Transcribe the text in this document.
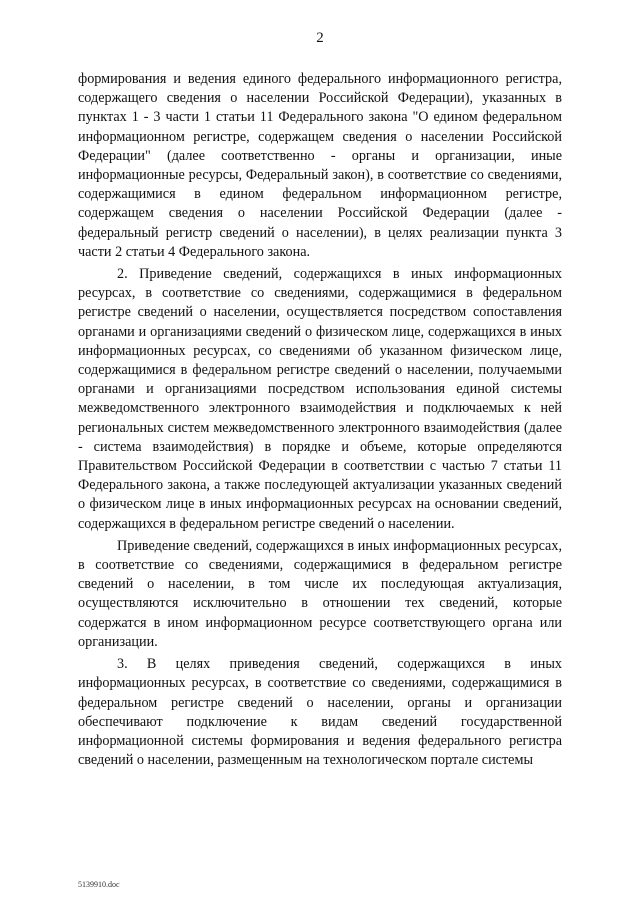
2

формирования и ведения единого федерального информационного регистра, содержащего сведения о населении Российской Федерации), указанных в пунктах 1 - 3 части 1 статьи 11 Федерального закона "О едином федеральном информационном регистре, содержащем сведения о населении Российской Федерации" (далее соответственно - органы и организации, иные информационные ресурсы, Федеральный закон), в соответствие со сведениями, содержащимися в едином федеральном информационном регистре, содержащем сведения о населении Российской Федерации (далее - федеральный регистр сведений о населении), в целях реализации пункта 3 части 2 статьи 4 Федерального закона.

2. Приведение сведений, содержащихся в иных информационных ресурсах, в соответствие со сведениями, содержащимися в федеральном регистре сведений о населении, осуществляется посредством сопоставления органами и организациями сведений о физическом лице, содержащихся в иных информационных ресурсах, со сведениями об указанном физическом лице, содержащимися в федеральном регистре сведений о населении, получаемыми органами и организациями посредством использования единой системы межведомственного электронного взаимодействия и подключаемых к ней региональных систем межведомственного электронного взаимодействия (далее - система взаимодействия) в порядке и объеме, которые определяются Правительством Российской Федерации в соответствии с частью 7 статьи 11 Федерального закона, а также последующей актуализации указанных сведений о физическом лице в иных информационных ресурсах на основании сведений, содержащихся в федеральном регистре сведений о населении.

Приведение сведений, содержащихся в иных информационных ресурсах, в соответствие со сведениями, содержащимися в федеральном регистре сведений о населении, в том числе их последующая актуализация, осуществляются исключительно в отношении тех сведений, которые содержатся в ином информационном ресурсе соответствующего органа или организации.

3. В целях приведения сведений, содержащихся в иных информационных ресурсах, в соответствие со сведениями, содержащимися в федеральном регистре сведений о населении, органы и организации обеспечивают подключение к видам сведений государственной информационной системы формирования и ведения федерального регистра сведений о населении, размещенным на технологическом портале системы

5139910.doc
